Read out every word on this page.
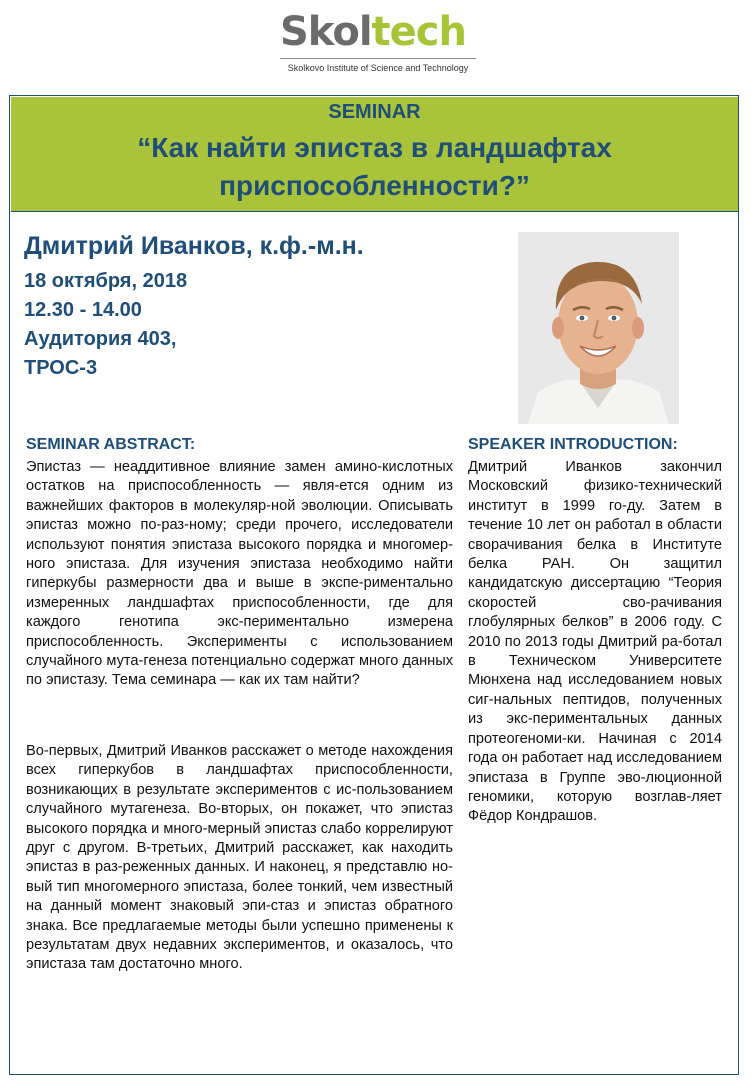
Skoltech
Skolkovo Institute of Science and Technology
SEMINAR
“Как найти эпистаз в ландшафтах приспособленности?”
Дмитрий Иванков, к.ф.-м.н.
18 октября, 2018
12.30 - 14.00
Аудитория 403,
ТРОС-3
SEMINAR ABSTRACT:

Эпистаз — неаддитивное влияние замен амино-кислотных остатков на приспособленность — явля-ется одним из важнейших факторов в молекуляр-ной эволюции. Описывать эпистаз можно по-раз-ному; среди прочего, исследователи используют понятия эпистаза высокого порядка и многомер-ного эпистаза. Для изучения эпистаза необходимо найти гиперкубы размерности два и выше в экспе-риментально измеренных ландшафтах приспособленности, где для каждого генотипа экс-периментально измерена приспособленность. Эксперименты с использованием случайного мута-генеза потенциально содержат много данных по эпистазу. Тема семинара — как их там найти?

Во-первых, Дмитрий Иванков расскажет о методе нахождения всех гиперкубов в ландшафтах приспособленности, возникающих в результате экспериментов с ис-пользованием случайного мутагенеза. Во-вторых, он покажет, что эпистаз высокого порядка и много-мерный эпистаз слабо коррелируют друг с другом. В-третьих, Дмитрий расскажет, как находить эпистаз в раз-реженных данных. И наконец, я представлю но-вый тип многомерного эпистаза, более тонкий, чем известный на данный момент знаковый эпи-стаз и эпистаз обратного знака. Все предлагаемые методы были успешно применены к результатам двух недавних экспериментов, и оказалось, что эпистаза там достаточно много.

SPEAKER INTRODUCTION:

Дмитрий Иванков закончил Московский физико-технический институт в 1999 го-ду. Затем в течение 10 лет он работал в области сворачивания белка в Институте белка РАН. Он защитил кандидатскую диссертацию “Теория скоростей сво-рачивания глобулярных белков” в 2006 году. С 2010 по 2013 годы Дмитрий ра-ботал в Техническом Университете Мюнхена над исследованием новых сиг-нальных пептидов, полученных из экс-периментальных данных протеогеноми-ки. Начиная с 2014 года он работает над исследованием эпистаза в Группе эво-люционной геномики, которую возглав-ляет Фёдор Кондрашов.
